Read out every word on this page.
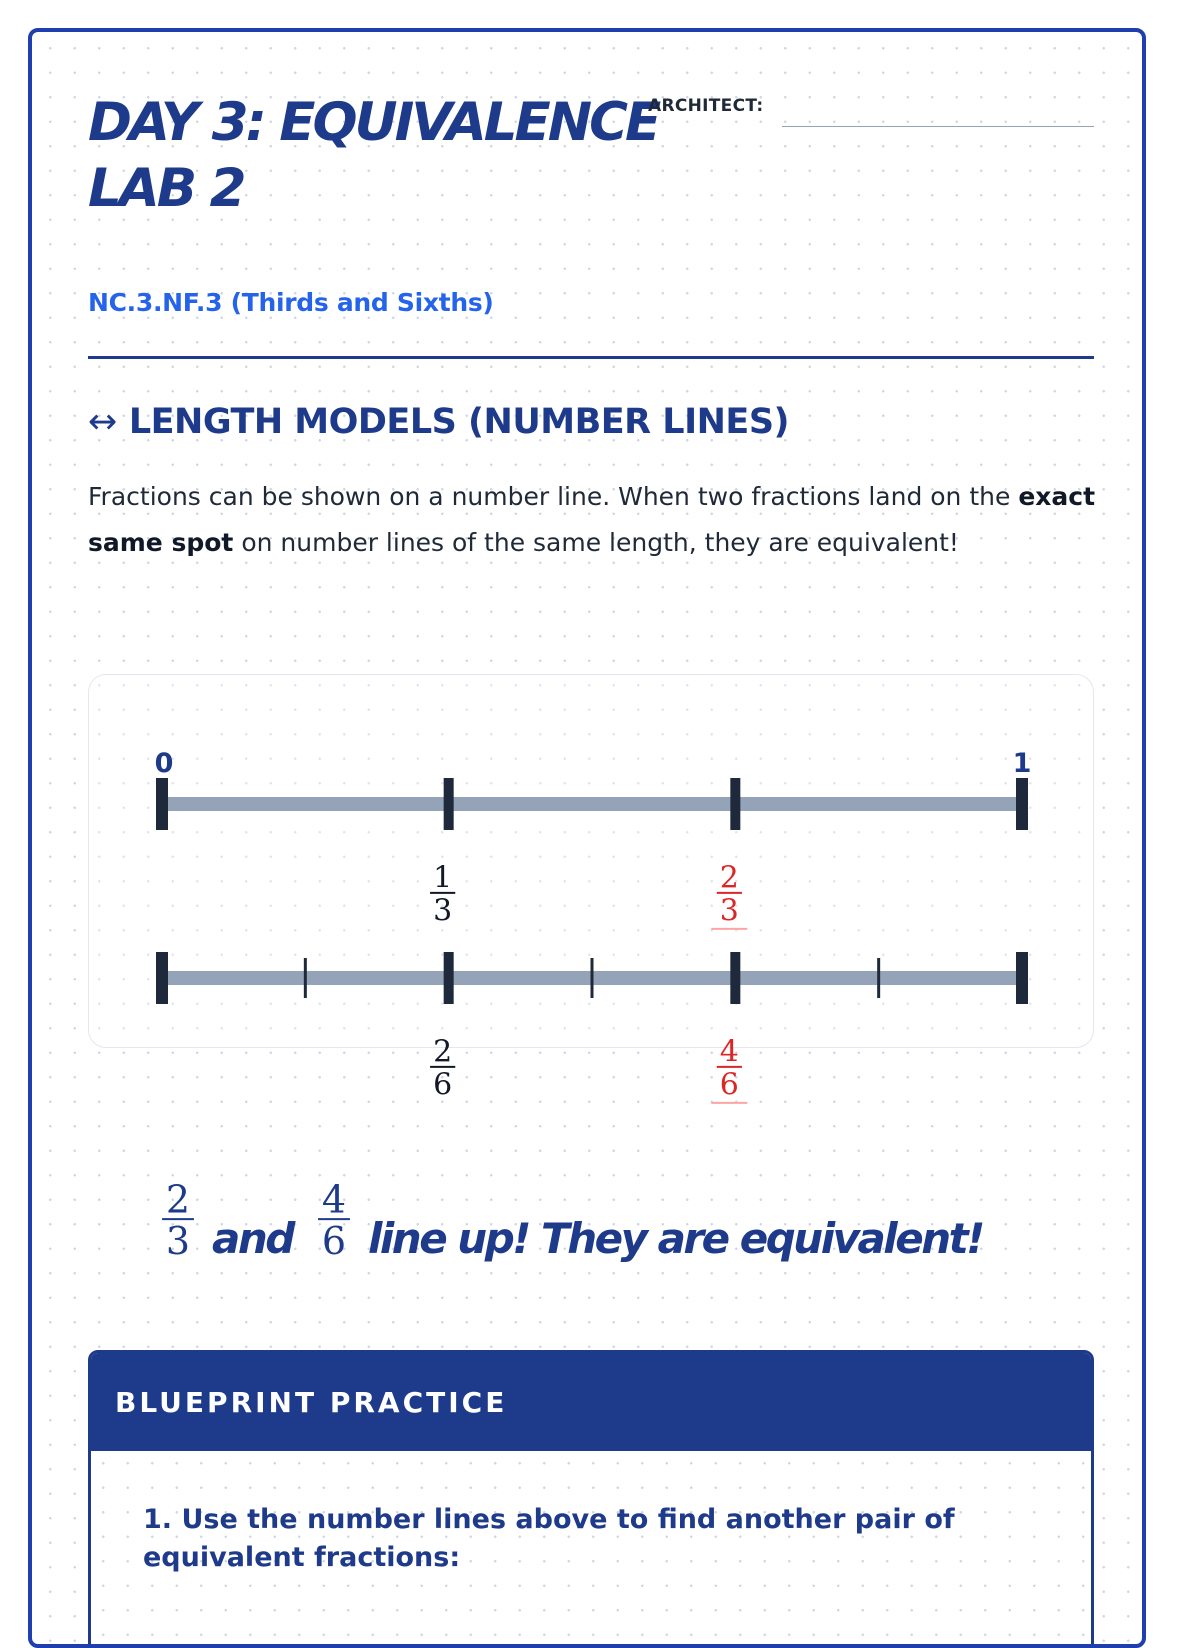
DAY 3: EQUIVALENCE LAB 2
NC.3.NF.3 (Thirds and Sixths)
ARCHITECT:
↔ LENGTH MODELS (NUMBER LINES)

Fractions can be shown on a number line. When two fractions land on the exact same spot on number lines of the same length, they are equivalent!

0	1
1
3
2
3
2
6
4
6
2
3
4
6
and line up! They are equivalent!
BLUEPRINT PRACTICE

1. Use the number lines above to find another pair of equivalent fractions:
